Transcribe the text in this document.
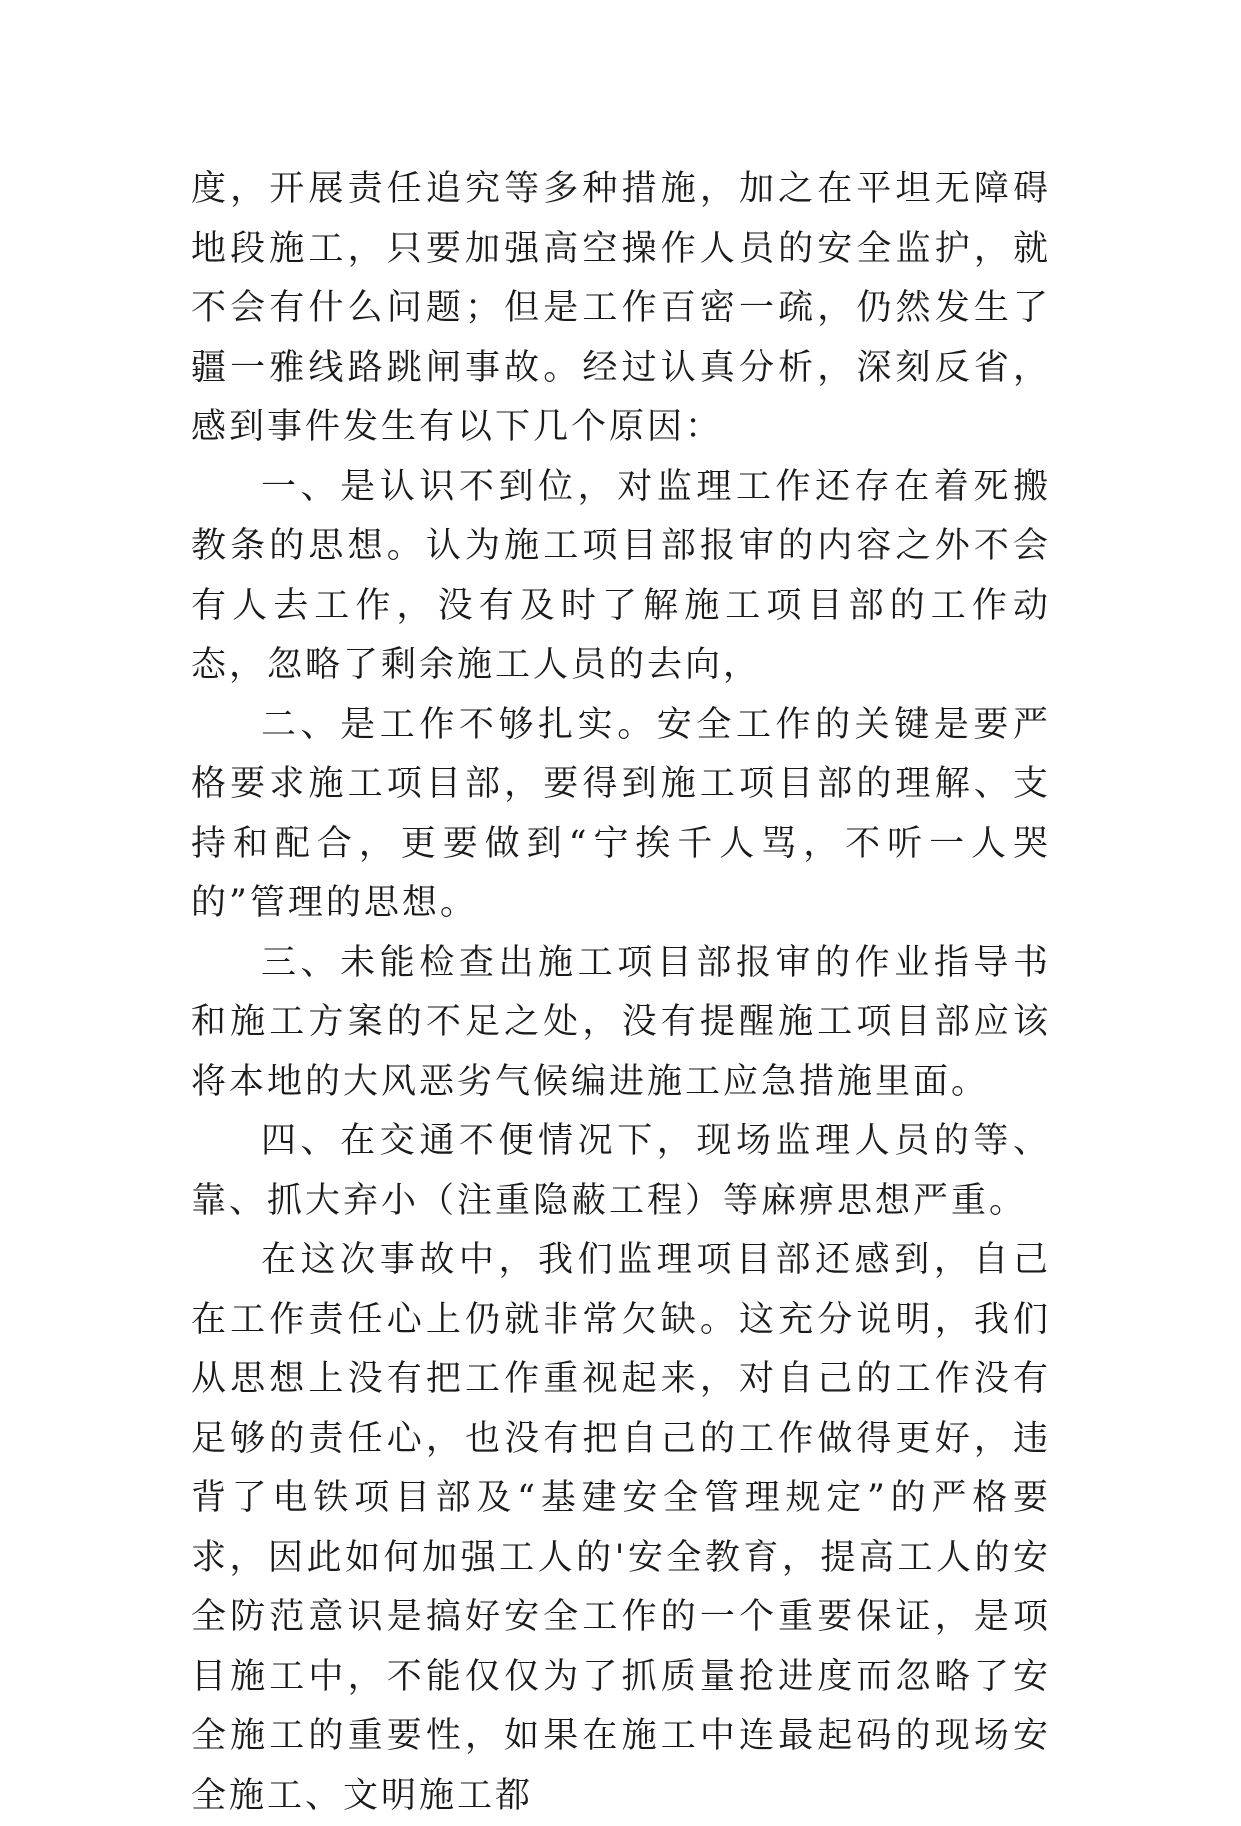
度，开展责任追究等多种措施，加之在平坦无障碍地段施工，只要加强高空操作人员的安全监护，就不会有什么问题；但是工作百密一疏，仍然发生了疆一雅线路跳闸事故。经过认真分析，深刻反省，感到事件发生有以下几个原因：

一、是认识不到位，对监理工作还存在着死搬教条的思想。认为施工项目部报审的内容之外不会有人去工作，没有及时了解施工项目部的工作动态，忽略了剩余施工人员的去向，

二、是工作不够扎实。安全工作的关键是要严格要求施工项目部，要得到施工项目部的理解、支持和配合，更要做到“宁挨千人骂，不听一人哭的”管理的思想。

三、未能检查出施工项目部报审的作业指导书和施工方案的不足之处，没有提醒施工项目部应该将本地的大风恶劣气候编进施工应急措施里面。

四、在交通不便情况下，现场监理人员的等、靠、抓大弃小（注重隐蔽工程）等麻痹思想严重。

在这次事故中，我们监理项目部还感到，自己在工作责任心上仍就非常欠缺。这充分说明，我们从思想上没有把工作重视起来，对自己的工作没有足够的责任心，也没有把自己的工作做得更好，违背了电铁项目部及“基建安全管理规定”的严格要求，因此如何加强工人的'安全教育，提高工人的安全防范意识是搞好安全工作的一个重要保证，是项目施工中，不能仅仅为了抓质量抢进度而忽略了安全施工的重要性，如果在施工中连最起码的现场安全施工、文明施工都
